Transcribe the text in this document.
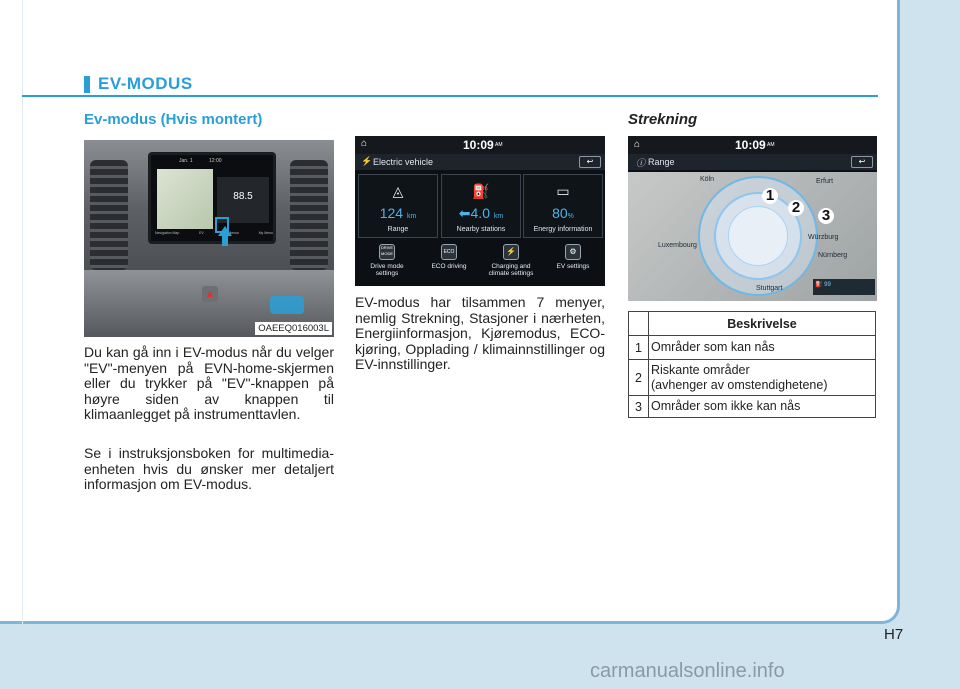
EV-MODUS
Ev-modus (Hvis montert)	Strekning
Jan. 1	12:00
88.5
Navigation Map	EV	All Menus	My Menu
▲
OAEEQ016003L
Du kan gå inn i EV-modus når du velger "EV"-menyen på EVN-home-skjermen eller du trykker på "EV"-knappen på høyre siden av knappen til klimaanlegget på instrumenttavlen.
Se i instruksjonsboken for multimedia-enheten hvis du ønsker mer detaljert informasjon om EV-modus.
⌂	10:09 AM
⚡ Electric vehicle	↩
◬
124 km
Range
⛽
⬅4.0 km
Nearby stations
▭
80%
Energy information
DRIVE MODE
Drive mode settings
ECO
ECO driving
⚡
Charging and climate settings
⚙
EV settings
EV-modus har tilsammen 7 menyer, nemlig Strekning, Stasjoner i nærheten, Energiinformasjon, Kjøremodus, ECO-kjøring, Opplading / klimainnstillinger og EV-innstillinger.
⌂	10:09 AM
ⓘ Range	↩
Köln
Luxembourg
Nürnberg
Stuttgart
Würzburg
Erfurt
1
2 3
⛽ 99
	Beskrivelse
1	Områder som kan nås
2	Riskante områder
(avhenger av omstendighetene)
3	Områder som ikke kan nås
H7
carmanualsonline.info
